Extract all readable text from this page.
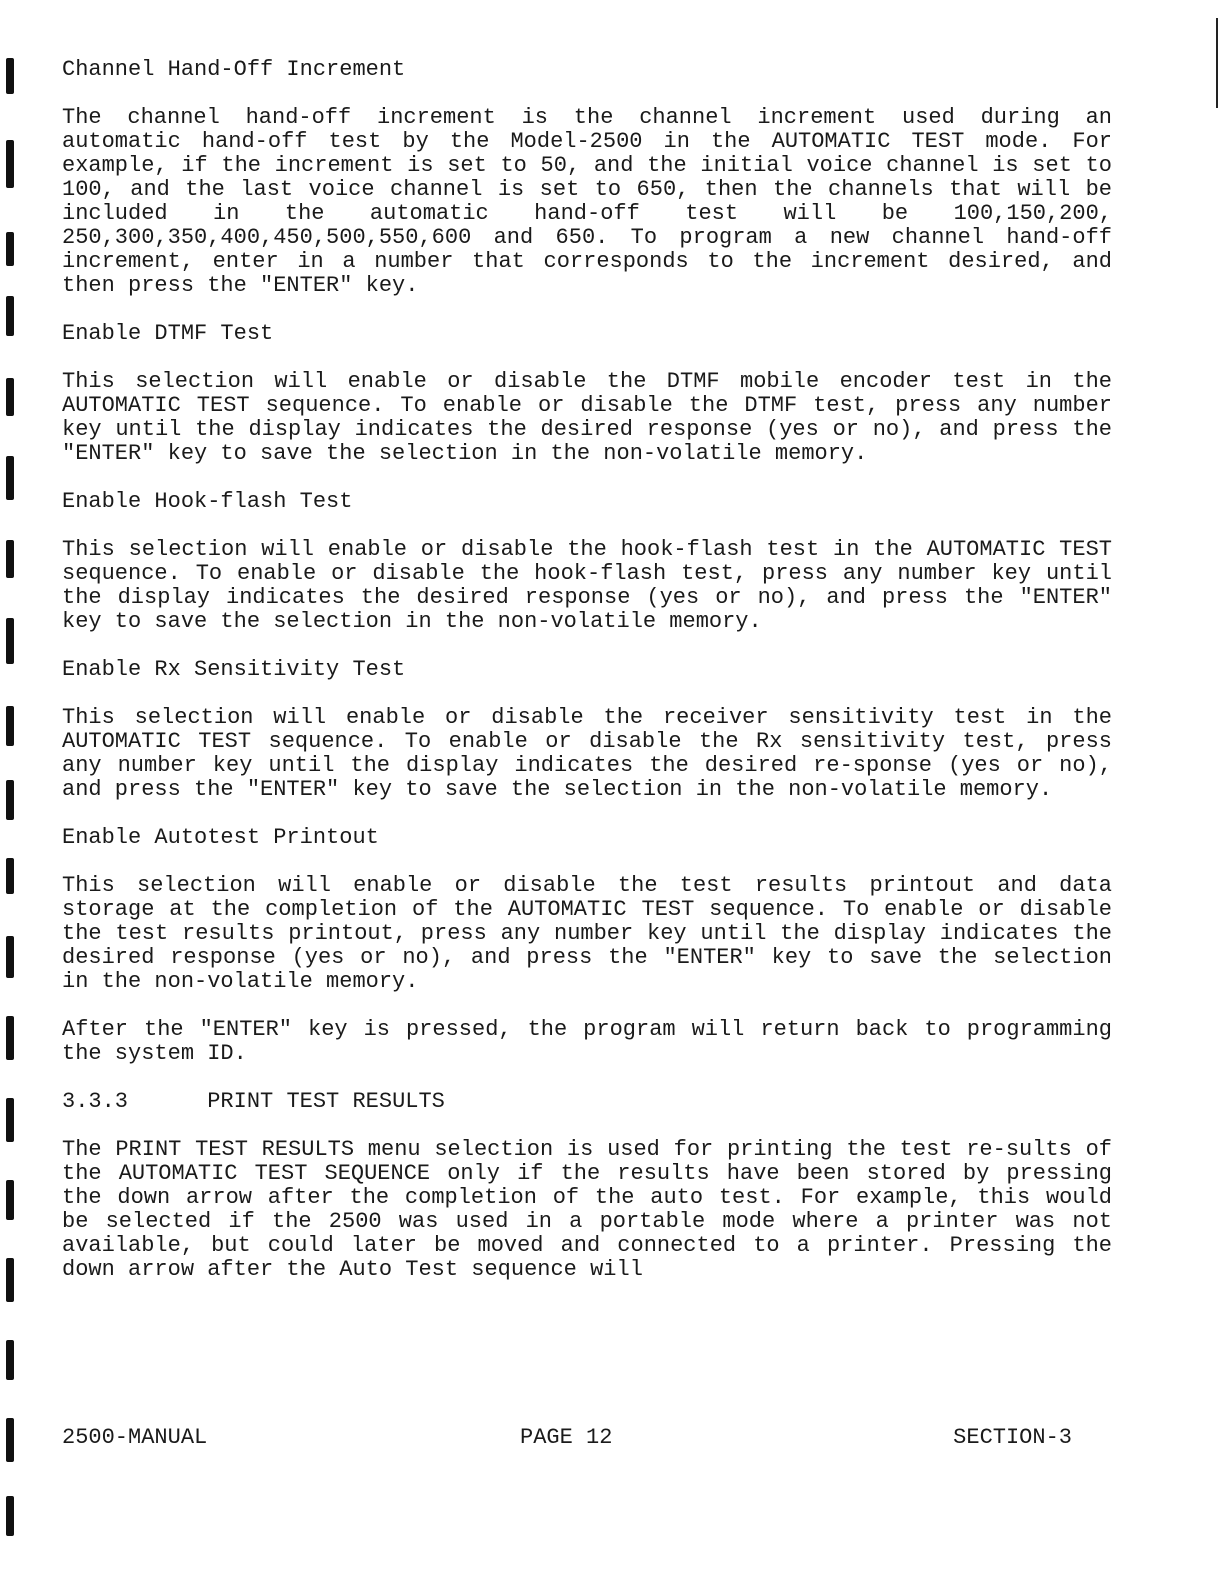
Channel Hand-Off Increment

The channel hand-off increment is the channel increment used during an automatic hand-off test by the Model-2500 in the AUTOMATIC TEST mode. For example, if the increment is set to 50, and the initial voice channel is set to 100, and the last voice channel is set to 650, then the channels that will be included in the automatic hand-off test will be 100,150,200, 250,300,350,400,450,500,550,600 and 650. To program a new channel hand-off increment, enter in a number that corresponds to the increment desired, and then press the "ENTER" key.

Enable DTMF Test

This selection will enable or disable the DTMF mobile encoder test in the AUTOMATIC TEST sequence. To enable or disable the DTMF test, press any number key until the display indicates the desired response (yes or no), and press the "ENTER" key to save the selection in the non-volatile memory.

Enable Hook-flash Test

This selection will enable or disable the hook-flash test in the AUTOMATIC TEST sequence. To enable or disable the hook-flash test, press any number key until the display indicates the desired response (yes or no), and press the "ENTER" key to save the selection in the non-volatile memory.

Enable Rx Sensitivity Test

This selection will enable or disable the receiver sensitivity test in the AUTOMATIC TEST sequence. To enable or disable the Rx sensitivity test, press any number key until the display indicates the desired re-sponse (yes or no), and press the "ENTER" key to save the selection in the non-volatile memory.

Enable Autotest Printout

This selection will enable or disable the test results printout and data storage at the completion of the AUTOMATIC TEST sequence. To enable or disable the test results printout, press any number key until the display indicates the desired response (yes or no), and press the "ENTER" key to save the selection in the non-volatile memory.

After the "ENTER" key is pressed, the program will return back to programming the system ID.

3.3.3	PRINT TEST RESULTS

The PRINT TEST RESULTS menu selection is used for printing the test re-sults of the AUTOMATIC TEST SEQUENCE only if the results have been stored by pressing the down arrow after the completion of the auto test. For example, this would be selected if the 2500 was used in a portable mode where a printer was not available, but could later be moved and connected to a printer. Pressing the down arrow after the Auto Test sequence will

2500-MANUAL	PAGE 12	SECTION-3
